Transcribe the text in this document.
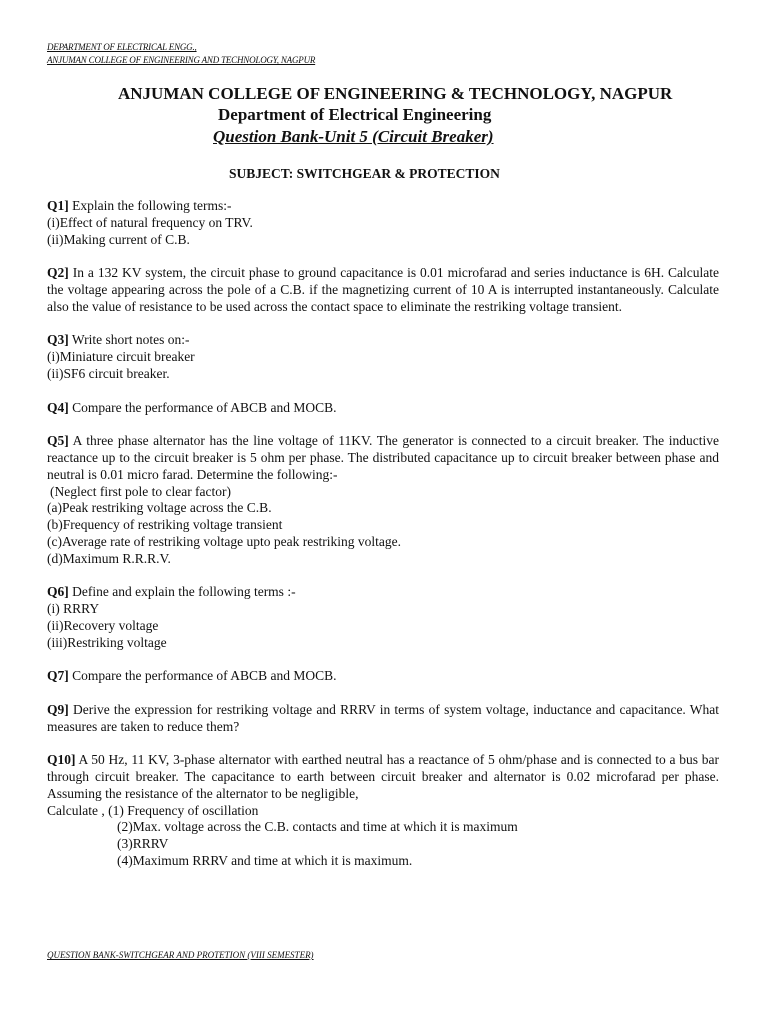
DEPARTMENT OF ELECTRICAL ENGG.,
ANJUMAN COLLEGE OF ENGINEERING AND TECHNOLOGY, NAGPUR
ANJUMAN COLLEGE OF ENGINEERING & TECHNOLOGY, NAGPUR
Department of Electrical Engineering
Question Bank-Unit 5 (Circuit Breaker)
SUBJECT: SWITCHGEAR & PROTECTION
Q1] Explain the following terms:-
(i)Effect of natural frequency on TRV.
(ii)Making current of C.B.
Q2] In a 132 KV system, the circuit phase to ground capacitance is 0.01 microfarad and series inductance is 6H. Calculate the voltage appearing across the pole of a C.B. if the magnetizing current of 10 A is interrupted instantaneously. Calculate also the value of resistance to be used across the contact space to eliminate the restriking voltage transient.
Q3] Write short notes on:-
(i)Miniature circuit breaker
(ii)SF6 circuit breaker.
Q4] Compare the performance of ABCB and MOCB.
Q5] A three phase alternator has the line voltage of 11KV. The generator is connected to a circuit breaker. The inductive reactance up to the circuit breaker is 5 ohm per phase. The distributed capacitance up to circuit breaker between phase and neutral is 0.01 micro farad. Determine the following:-
(Neglect first pole to clear factor)
(a)Peak restriking voltage across the C.B.
(b)Frequency of restriking voltage transient
(c)Average rate of restriking voltage upto peak restriking voltage.
(d)Maximum R.R.R.V.
Q6] Define and explain the following terms :-
(i) RRRY
(ii)Recovery voltage
(iii)Restriking voltage
Q7] Compare the performance of ABCB and MOCB.
Q9] Derive the expression for restriking voltage and RRRV in terms of system voltage, inductance and capacitance. What measures are taken to reduce them?
Q10] A 50 Hz, 11 KV, 3-phase alternator with earthed neutral has a reactance of 5 ohm/phase and is connected to a bus bar through circuit breaker. The capacitance to earth between circuit breaker and alternator is 0.02 microfarad per phase. Assuming the resistance of the alternator to be negligible,
Calculate , (1) Frequency of oscillation
(2)Max. voltage across the C.B. contacts and time at which it is maximum
(3)RRRV
(4)Maximum RRRV and time at which it is maximum.
QUESTION BANK-SWITCHGEAR AND PROTETION (VIII SEMESTER)
